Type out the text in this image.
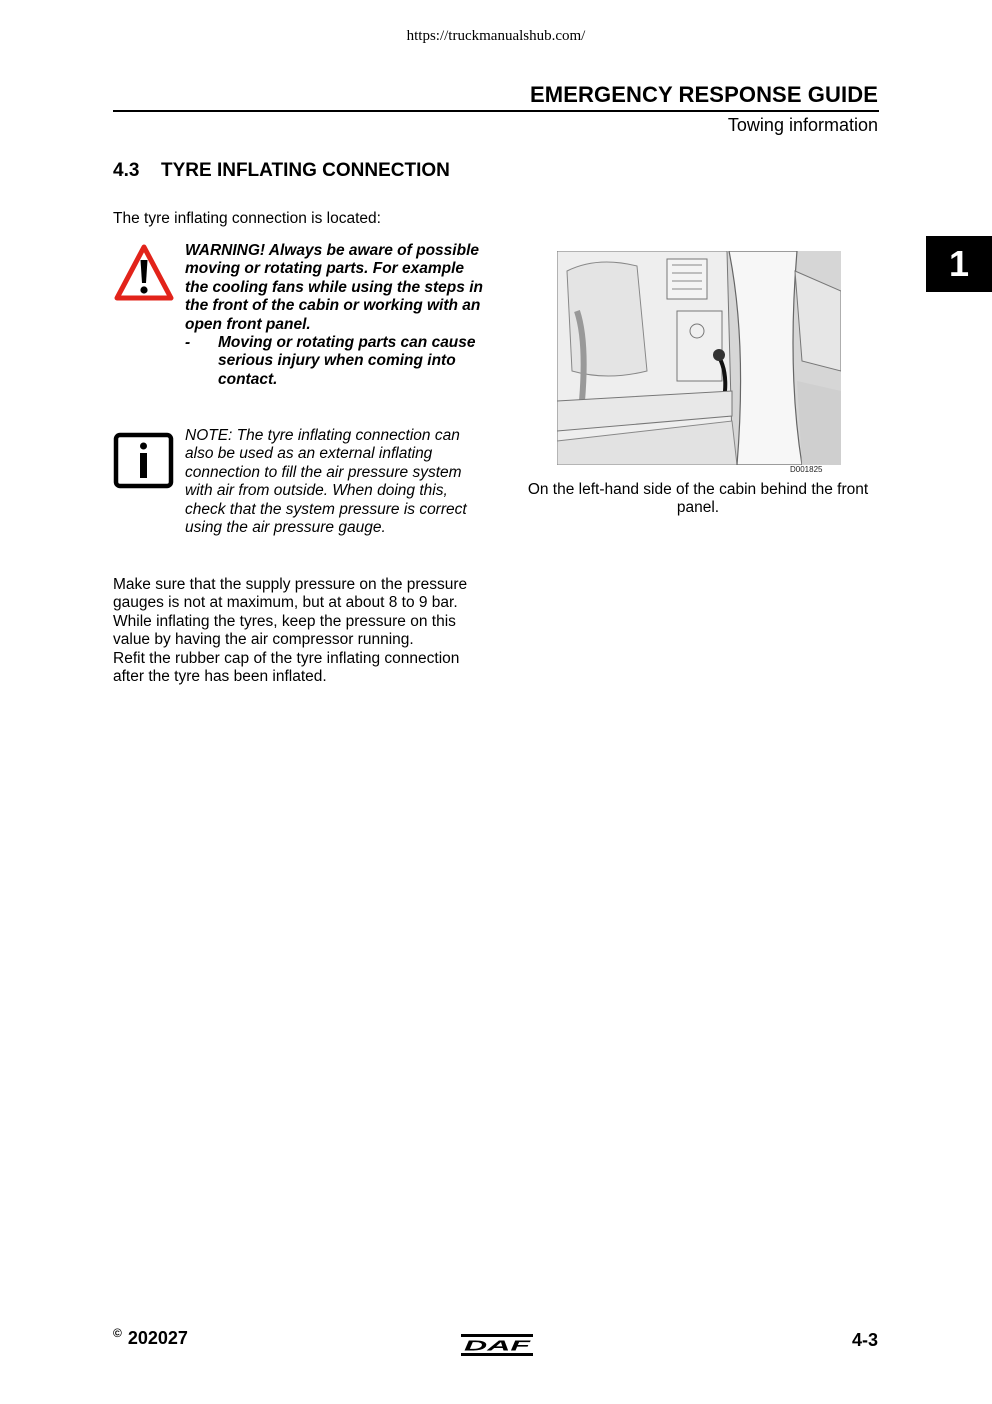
https://truckmanualshub.com/
EMERGENCY RESPONSE GUIDE
Towing information
1
4.3 TYRE INFLATING CONNECTION
The tyre inflating connection is located:

WARNING! Always be aware of possible moving or rotating parts. For example the cooling fans while using the steps in the front of the cabin or working with an open front panel.

-	Moving or rotating parts can cause serious injury when coming into contact.
NOTE: The tyre inflating connection can also be used as an external inflating connection to fill the air pressure system with air from outside. When doing this, check that the system pressure is correct using the air pressure gauge.

Make sure that the supply pressure on the pressure gauges is not at maximum, but at about 8 to 9 bar.

While inflating the tyres, keep the pressure on this value by having the air compressor running.

Refit the rubber cap of the tyre inflating connection after the tyre has been inflated.

D001825
On the left-hand side of the cabin behind the front panel.
© 202027	DAF	4-3
